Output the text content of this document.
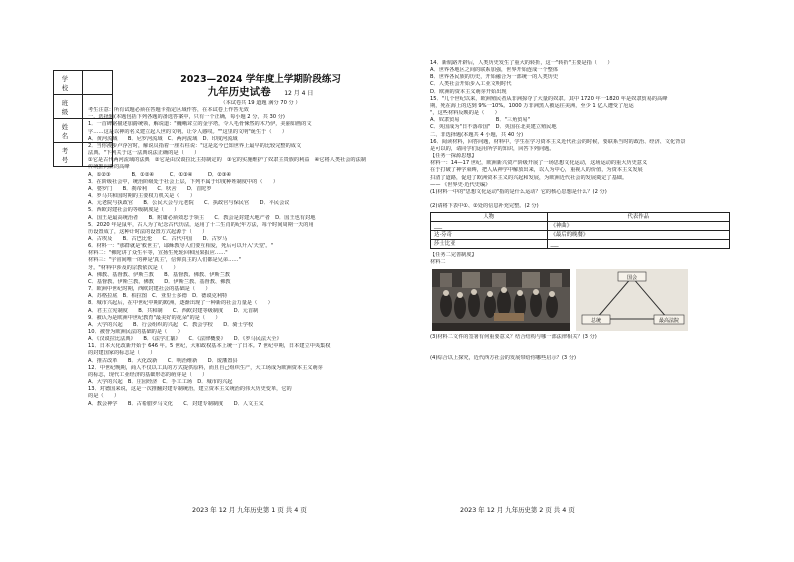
学　校	
班　级	
姓　名	
考　号	
2023—2024 学年度上学期阶段练习
九年历史试卷 12 月 4 日
（本试卷共 19 道题 满分 70 分 ）
考生注意：所有试题必须在答题卡指定区域作答，在本试卷上作答无效
一、选择题(本题包括下列各题的备选答案中，只有一个正确，每小题 2 分，共 30 分)
1．一首碑铭描述加爵统领，解说道："巍峨耸立的金字塔，令人毛骨悚然的木乃伊，美丽如画的文
字……这是以神的名义建立起人世的文明。让令人感叹。""这里的文明"诞生于（　　）
A．黄河流域　　B．尼罗河流域　C．两河流域　D．印度河流域
2．当你漫步卢浮宫时，解说员指着一座石柱说："这是迄今已知世界上最早的比较完整的成文
法典。"下列关于这一法典说法正确的是（　　）
①它是古代两河流域的法典　②它是由汉谟拉比主持制定的　③它的实施维护了奴隶主贵族的利益　④它将人类社会的法制
传统推向新的高峰
A．①②③　　　　B．①②④　　　C．①③④　　　D．②③④
3．在阶级社会中，统治阶级处于社会上层，下列不属于印度种姓制度中的（　　）
A．婆罗门　　B．刹帝利　　C．吠舍　　D．首陀罗
4．罗马共和国时期的主要权力机关是（　　）
A．元老院与执政官　　B．公民大会与元老院　　C．执政官与保民官　　D．平民会议
5．西欧封建社会的等级制度是（　　）
A．国王是最高统治者　　B．附庸必须效忠于领主　　C．教会是封建大地产者　D．国王也有封地
5．2020 年是鼠年，古人为了纪念古代历法，运用了十二生肖的纪年方法，每个时间周期一天的用
历设置成了，这种计时法的设置方式起源于（　　）
A．古埃及　　B．古巴比伦　　C．古代中国　　D．古罗马
6．材料一："那群就是'救世主'，耶稣教导人们要互相爱，死后可以升入'天堂'。"
材料二："佛陀讲了众生平等，宣扬生死轮回和因果报应……"
材料三："宇宙间唯一的神是'真主'，信仰真主的人们都是兄弟……"
牙。"材料中涉及的宗教依次是（　　）
A．佛教、基督教、伊斯兰教　　B．基督教、佛教、伊斯兰教
C．基督教、伊斯兰教、佛教　　D．伊斯兰教、基督教、佛教
7．欧洲中世纪时期，西欧封建社会的基础是（　　）
A．苏格拉底　B．柏拉图　C．亚里士多德　D．德谟克利特
8．城市兴起后，在中世纪中期的欧洲，逐渐出现了一种新的社会力量是（　　）
A．君主立宪制度　　B．共和制　　C．西欧封建等级制度　　D．元首制
9．被认为是欧洲中世纪教育"最美好的花朵"的是（　　）
A．大学的兴起　　B．行会组织的兴起　C．教会学校　　D．骑士学校
10．被誉为欧洲民法的基础的是（　　）
A．《汉谟拉比法典》　　B．《法学汇纂》　　C．《法律概要》　　D．《罗马民法大全》
11．日本大化改新开始于 646 年。5 世纪，大和政权基本上统一了日本。7 世纪中期，日本建立中央集权
的封建国家的标志是（　　）
A．推古改革　　B．大化改新　　C．明治维新　　D．废藩置县
12．中世纪晚期，商人不仅以工具的方式提供原料，而且自己组织生产，大工场成为欧洲资本主义萌芽
的标志，现代工业经济的基础形态的萌芽是（　　）
A．大学的兴起　B．庄园经济　C．手工工场　D．城市的兴起
13．对德国来说，这是一次推翻封建专制统治，建立资本主义统治的伟大历史变革，它的
的是（　　）
A．教会神学　　B．古希腊罗马文化　　C．封建专制制度　　D．人文主义
14．新航路开辟后，人类历史发生了重大的转折，这一"转折"主要是指（　　）
A．世界各地区之间的联系加强，世界开始连成一个整体
B．世界各民族的历史，开始融合为一部统一的人类历史
C．人类社会开始步入工业文明时代
D．欧洲的资本主义萌芽开始出现
15．"几个世纪以来，欧洲殖民者从非洲掠夺了大量的奴隶。其中 1720 年一1820 年是奴隶贸易的高峰
期，死在海上的达到 9%一10%。1000 万非洲黑人被运往美洲，至少 1 亿人遭受了厄运
"，这些材料反映的是（　　）
A．奴隶贸易　　　　　　　B．"三角贸易"
C．英国成为"日不落帝国"　D．英国在北美建立殖民地
二、非选择题(本题共 4 小题，共 40 分)
16．阅读材料，回答问题，材料中，学生在学习资本主义近代社会的时候，要联系当时的政治、经济、文化背景
是可以的，请同学们运用所学的知识，回答下列问题。
【任务一探源思想】
材料一：14—17 世纪，欧洲新兴资产阶级开展了一场思想文化运动，这场运动的重大历史意义
在于打破了神学束缚，把人从神学中解放出来，以人为中心，重视人的价值，为资本主义发展
扫清了道路，促进了欧洲资本主义的兴起和发展，为欧洲近代社会的发展奠定了基础。
—— 《世界史·近代史编》
(1)材料一中的"思想文化运动"指的是什么运动？它的核心思想是什么？(2 分)

(2)请将下表中①、②处的信息补充完整。(2 分)
人物	代表作品
___	《神曲》
达·芬奇	《最后的晚餐》
莎士比亚	___
【任务二完善制度】
材料二
国会
总统	最高法院
(3)材料二文件的签署有何重要意义？结合结构与哪一部法律相关？(3 分)

(4)综合以上探究，近代西方社会的发展带给你哪些启示？(3 分)
2023 年 12 月 九年历史第 1 页 共 4 页	2023 年 12 月 九年历史第 2 页 共 4 页
